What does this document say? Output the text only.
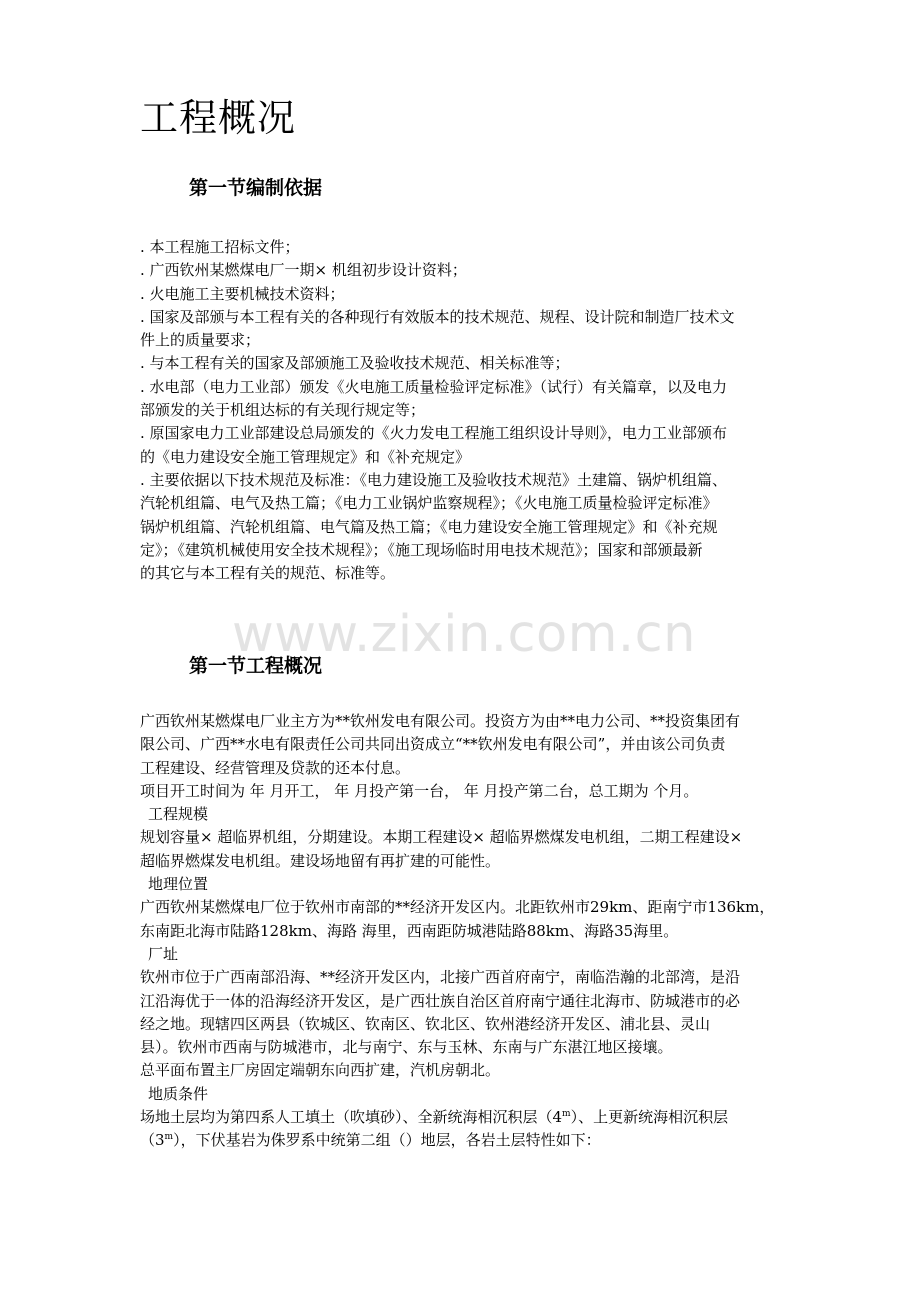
工程概况
第一节编制依据
. 本工程施工招标文件；
. 广西钦州某燃煤电厂一期× 机组初步设计资料；
. 火电施工主要机械技术资料；
. 国家及部颁与本工程有关的各种现行有效版本的技术规范、规程、设计院和制造厂技术文
件上的质量要求；
. 与本工程有关的国家及部颁施工及验收技术规范、相关标准等；
. 水电部（电力工业部）颁发《火电施工质量检验评定标准》（试行）有关篇章，以及电力
部颁发的关于机组达标的有关现行规定等；
. 原国家电力工业部建设总局颁发的《火力发电工程施工组织设计导则》，电力工业部颁布
的《电力建设安全施工管理规定》和《补充规定》
. 主要依据以下技术规范及标准：《电力建设施工及验收技术规范》土建篇、锅炉机组篇、
汽轮机组篇、电气及热工篇；《电力工业锅炉监察规程》；《火电施工质量检验评定标准》
锅炉机组篇、汽轮机组篇、电气篇及热工篇；《电力建设安全施工管理规定》和《补充规
定》；《建筑机械使用安全技术规程》；《施工现场临时用电技术规范》；国家和部颁最新
的其它与本工程有关的规范、标准等。
www.zixin.com.cn
第一节工程概况
广西钦州某燃煤电厂业主方为**钦州发电有限公司。投资方为由**电力公司、**投资集团有
限公司、广西**水电有限责任公司共同出资成立“**钦州发电有限公司”，并由该公司负责
工程建设、经营管理及贷款的还本付息。
项目开工时间为 年 月开工， 年 月投产第一台， 年 月投产第二台，总工期为 个月。
工程规模
规划容量× 超临界机组，分期建设。本期工程建设× 超临界燃煤发电机组，二期工程建设×
超临界燃煤发电机组。建设场地留有再扩建的可能性。
地理位置
广西钦州某燃煤电厂位于钦州市南部的**经济开发区内。北距钦州市29km、距南宁市136km，
东南距北海市陆路128km、海路 海里，西南距防城港陆路88km、海路35海里。
厂址
钦州市位于广西南部沿海、**经济开发区内，北接广西首府南宁，南临浩瀚的北部湾，是沿
江沿海优于一体的沿海经济开发区，是广西壮族自治区首府南宁通往北海市、防城港市的必
经之地。现辖四区两县（钦城区、钦南区、钦北区、钦州港经济开发区、浦北县、灵山
县）。钦州市西南与防城港市，北与南宁、东与玉林、东南与广东湛江地区接壤。
总平面布置主厂房固定端朝东向西扩建，汽机房朝北。
地质条件
场地土层均为第四系人工填土（吹填砂）、全新统海相沉积层（4$^m$）、上更新统海相沉积层
（3$^m$），下伏基岩为侏罗系中统第二组（）地层，各岩土层特性如下：
